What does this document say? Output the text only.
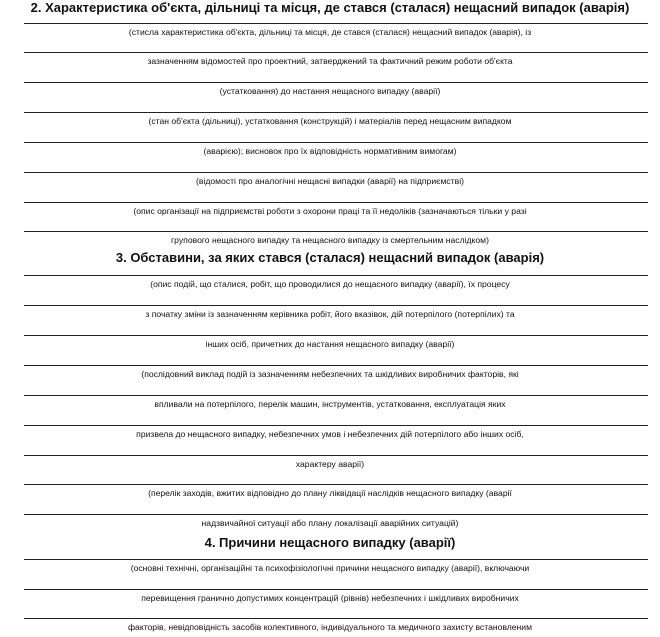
2. Характеристика об'єкта, дільниці та місця, де стався (сталася) нещасний випадок (аварія)
(стисла характеристика об'єкта, дільниці та місця, де стався (сталася) нещасний випадок (аварія), із
зазначенням відомостей про проектний, затверджений та фактичний режим роботи об'єкта
(устатковання) до настання нещасного випадку (аварії)
(стан об'єкта (дільниці), устатковання (конструкцій) і матеріалів перед нещасним випадком
(аварією); висновок про їх відповідність нормативним вимогам)
(відомості про аналогічні нещасні випадки (аварії) на підприємстві)
(опис організації на підприємстві роботи з охорони праці та її недоліків (зазначаються тільки у разі
групового нещасного випадку та нещасного випадку із смертельним наслідком)
3. Обставини, за яких стався (сталася) нещасний випадок (аварія)
(опис подій, що сталися, робіт, що проводилися до нещасного випадку (аварії), їх процесу
з початку зміни із зазначенням керівника робіт, його вказівок, дій потерпілого (потерпілих) та
інших осіб, причетних до настання нещасного випадку (аварії)
(послідовний виклад подій із зазначенням небезпечних та шкідливих виробничих факторів, які
впливали на потерпілого, перелік машин, інструментів, устатковання, експлуатація яких
призвела до нещасного випадку, небезпечних умов і небезпечних дій потерпілого або інших осіб,
характеру аварії)
(перелік заходів, вжитих відповідно до плану ліквідації наслідків нещасного випадку (аварії
надзвичайної ситуації або плану локалізації аварійних ситуацій)
4. Причини нещасного випадку (аварії)
(основні технічні, організаційні та психофізіологічні причини нещасного випадку (аварії), включаючи
перевищення гранично допустимих концентрацій (рівнів) небезпечних і шкідливих виробничих
факторів, невідповідність засобів колективного, індивідуального та медичного захисту встановленим
